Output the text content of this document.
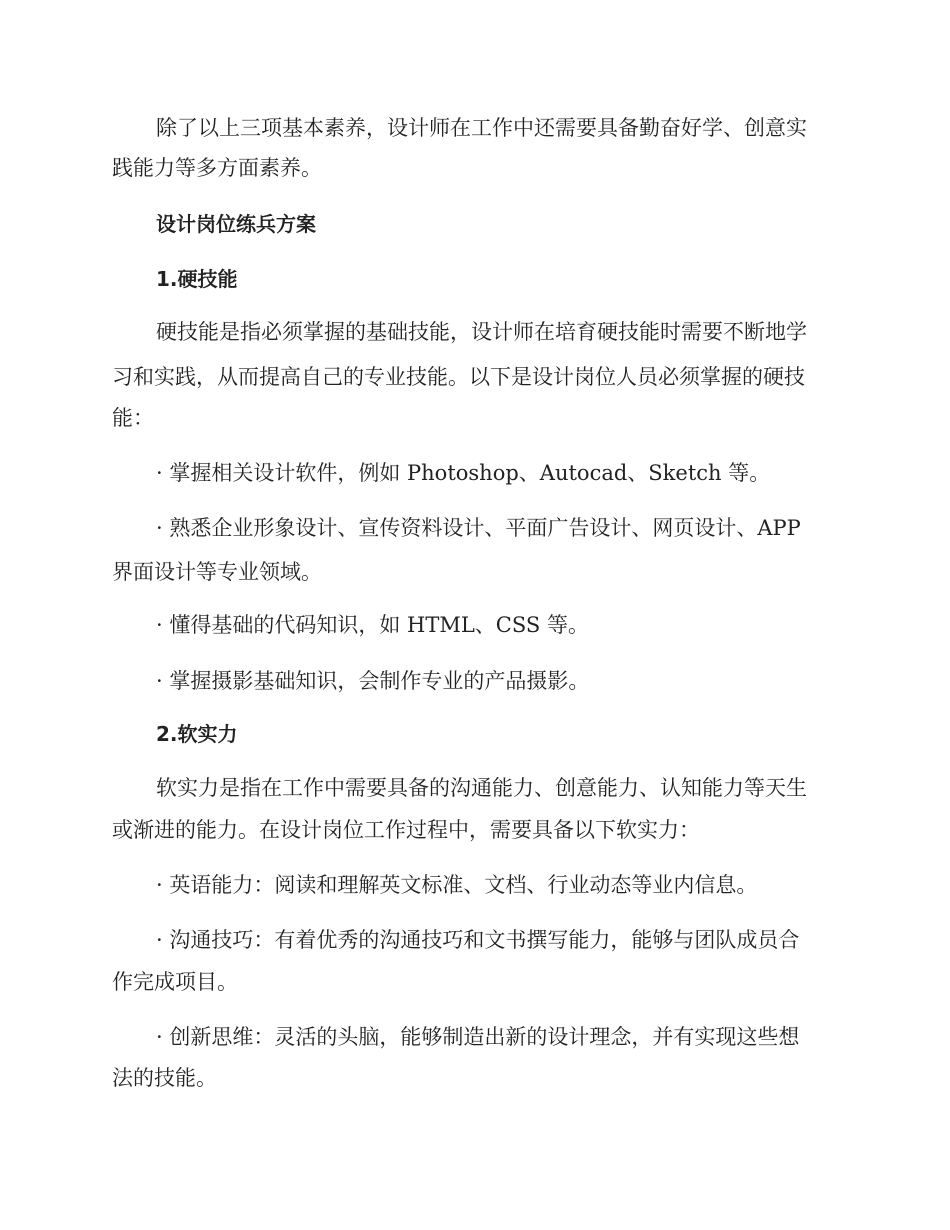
除了以上三项基本素养，设计师在工作中还需要具备勤奋好学、创意实
践能力等多方面素养。
设计岗位练兵方案
1.硬技能
硬技能是指必须掌握的基础技能，设计师在培育硬技能时需要不断地学
习和实践，从而提高自己的专业技能。以下是设计岗位人员必须掌握的硬技
能：
· 掌握相关设计软件，例如 Photoshop、Autocad、Sketch 等。
· 熟悉企业形象设计、宣传资料设计、平面广告设计、网页设计、APP
界面设计等专业领域。
· 懂得基础的代码知识，如 HTML、CSS 等。
· 掌握摄影基础知识，会制作专业的产品摄影。
2.软实力
软实力是指在工作中需要具备的沟通能力、创意能力、认知能力等天生
或渐进的能力。在设计岗位工作过程中，需要具备以下软实力：
· 英语能力：阅读和理解英文标准、文档、行业动态等业内信息。
· 沟通技巧：有着优秀的沟通技巧和文书撰写能力，能够与团队成员合
作完成项目。
· 创新思维：灵活的头脑，能够制造出新的设计理念，并有实现这些想
法的技能。
